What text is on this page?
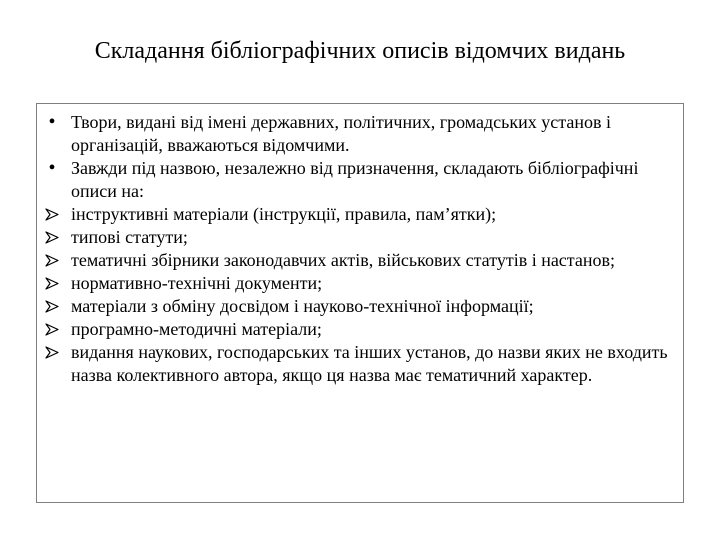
Складання бібліографічних описів відомчих видань
• Твори, видані від імені державних, політичних, громадських установ і організацій, вважаються відомчими.
• Завжди під назвою, незалежно від призначення, складають бібліографічні описи на:
інструктивні матеріали (інструкції, правила, пам’ятки);
типові статути;
тематичні збірники законодавчих актів, військових статутів і настанов;
нормативно-технічні документи;
матеріали з обміну досвідом і науково-технічної інформації;
програмно-методичні матеріали;
видання наукових, господарських та інших установ, до назви яких не входить назва колективного автора, якщо ця назва має тематичний характер.
